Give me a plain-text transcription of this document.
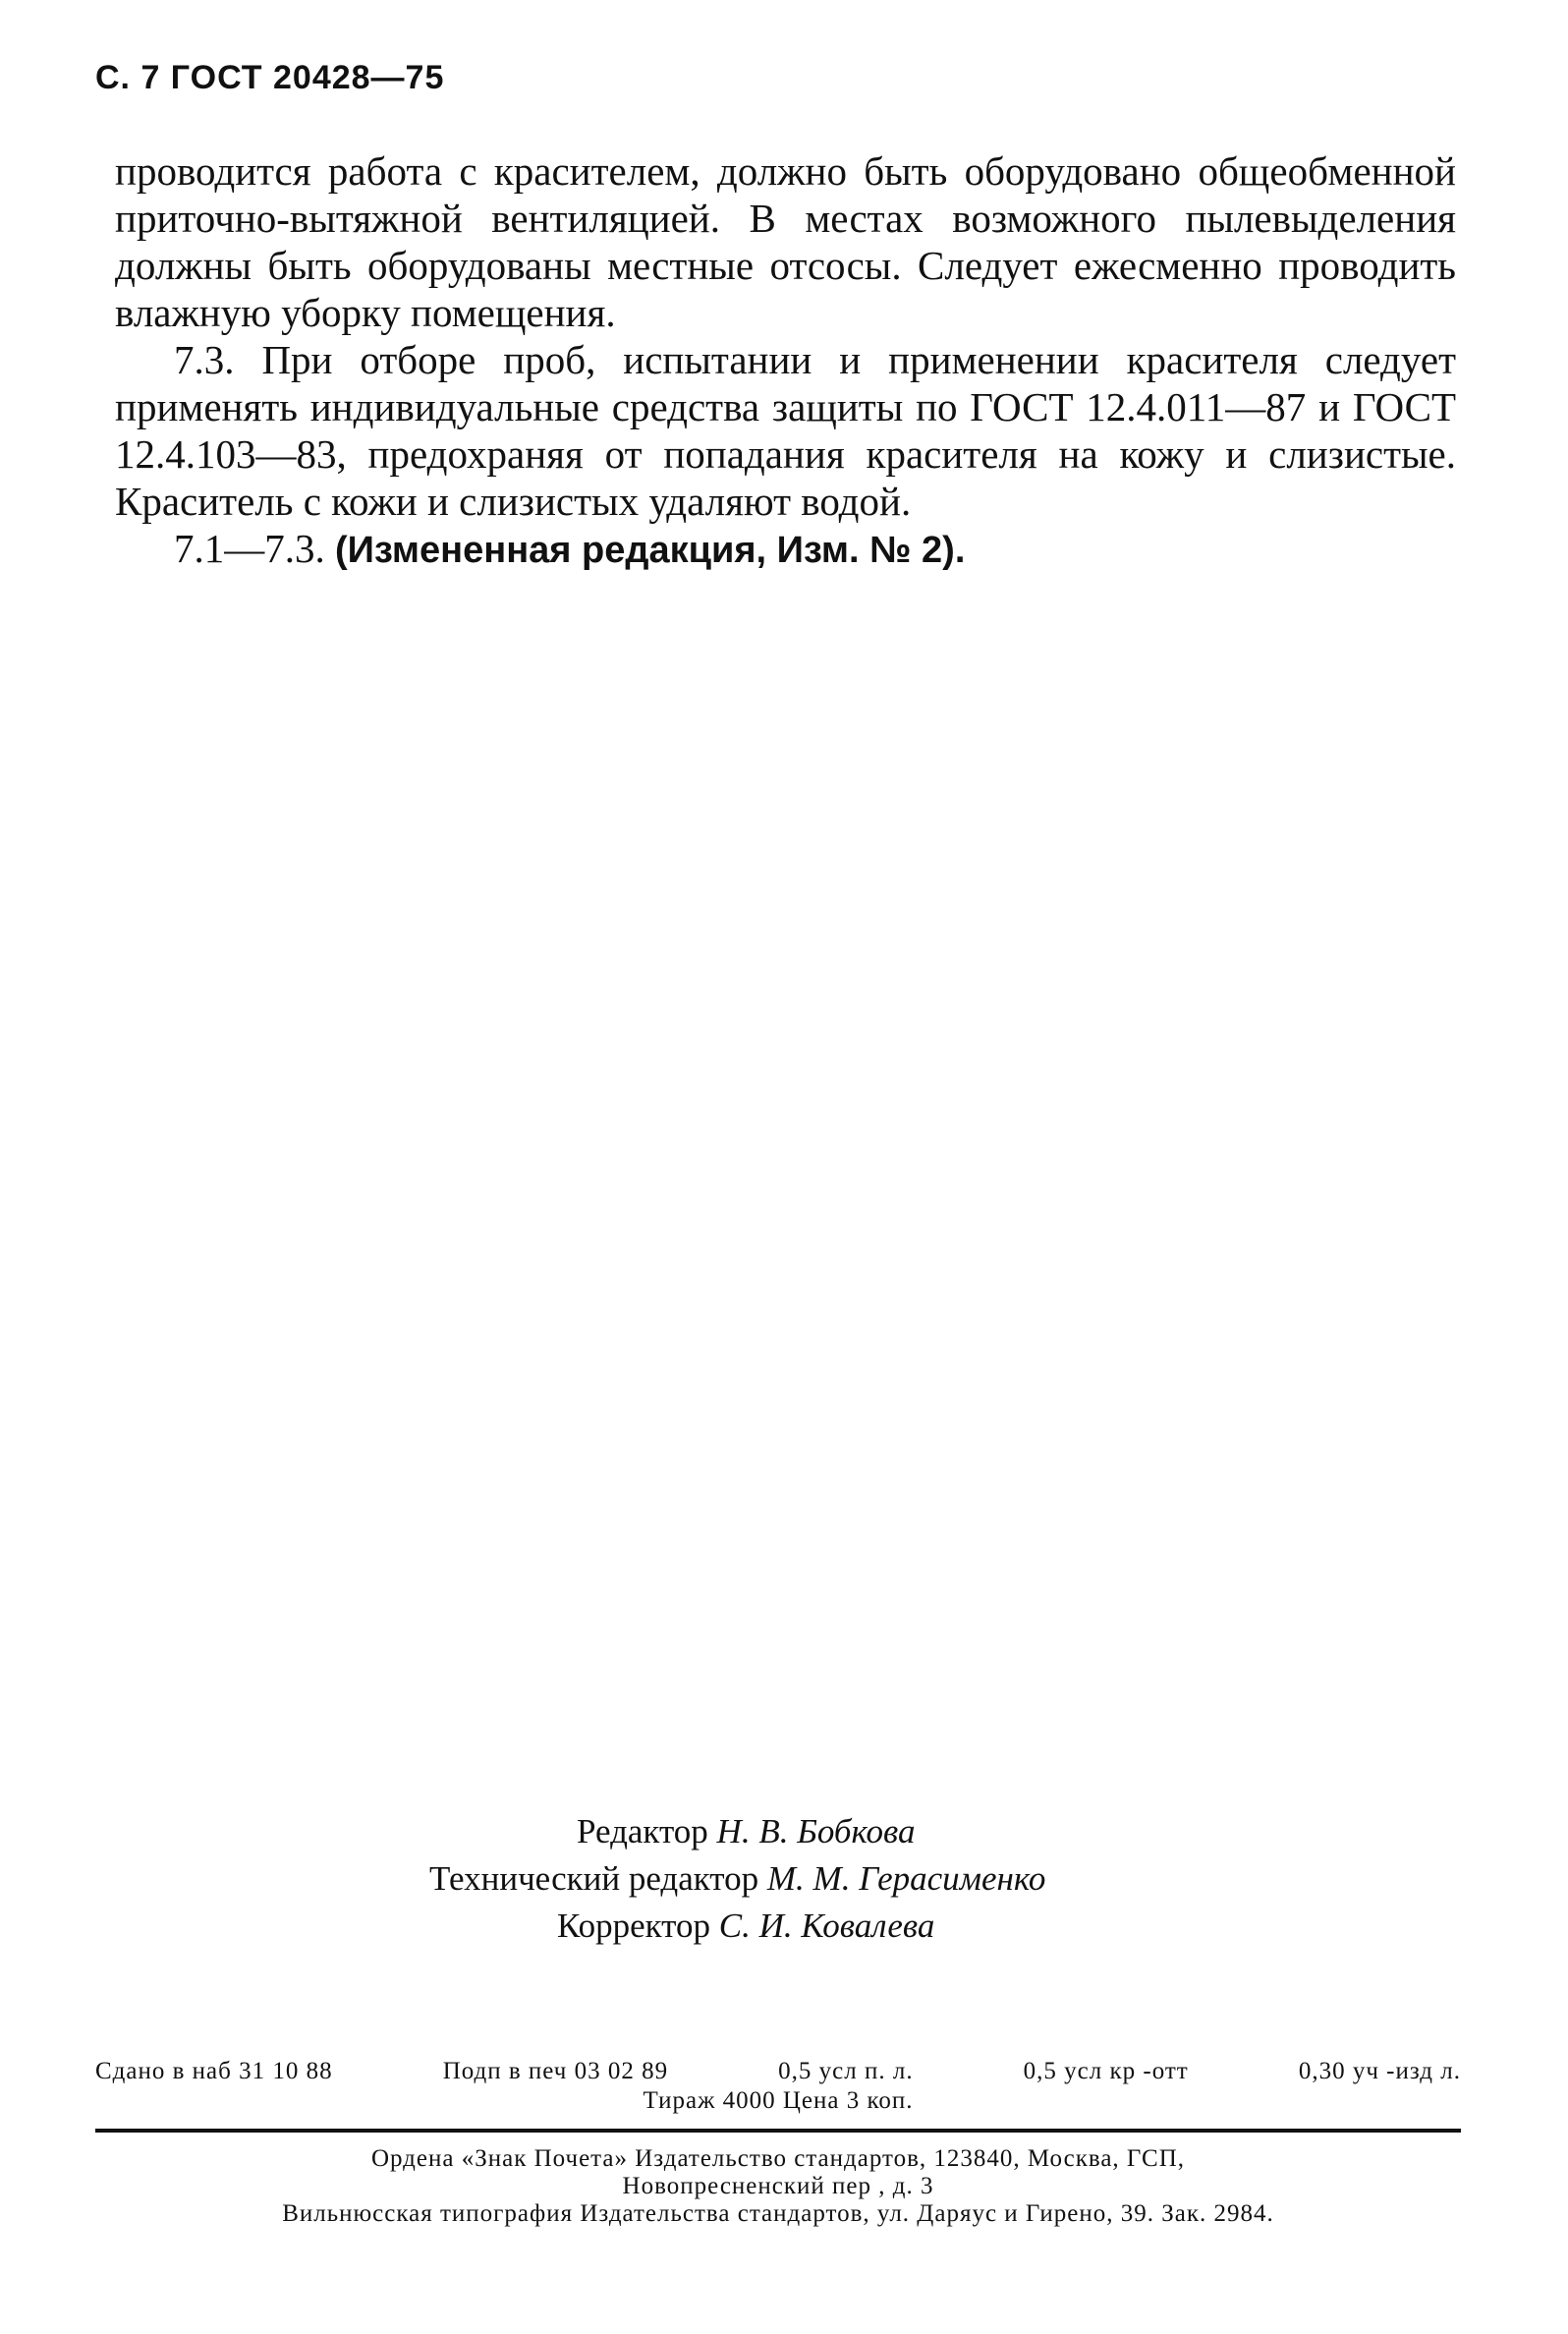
С. 7 ГОСТ 20428—75

проводится работа с красителем, должно быть оборудовано общеобменной приточно-вытяжной вентиляцией. В местах возможного пылевыделения должны быть оборудованы местные отсосы. Следует ежесменно проводить влажную уборку помещения.

7.3. При отборе проб, испытании и применении красителя следует применять индивидуальные средства защиты по ГОСТ 12.4.011—87 и ГОСТ 12.4.103—83, предохраняя от попадания красителя на кожу и слизистые. Краситель с кожи и слизистых удаляют водой.

7.1—7.3. (Измененная редакция, Изм. № 2).

Редактор Н. В. Бобкова
Технический редактор М. М. Герасименко
Корректор С. И. Ковалева
Сдано в наб 31 10 88	Подп в печ 03 02 89	0,5 усл п. л.	0,5 усл кр -отт	0,30 уч -изд л.
Тираж 4000 Цена 3 коп.
Ордена «Знак Почета» Издательство стандартов, 123840, Москва, ГСП,
Новопресненский пер , д. 3
Вильнюсская типография Издательства стандартов, ул. Даряус и Гирено, 39. Зак. 2984.
